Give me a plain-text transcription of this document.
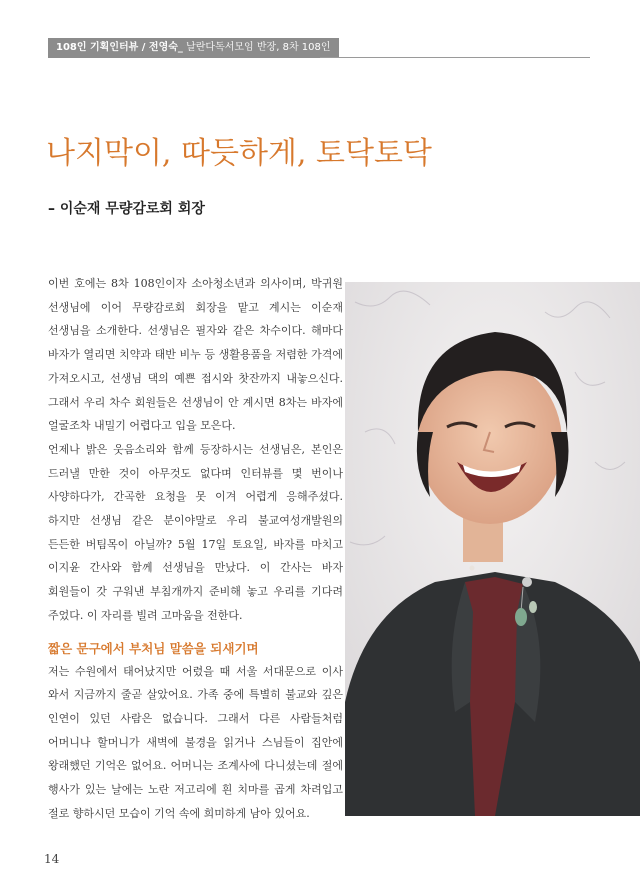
108인 기획인터뷰 / 전영숙_ 날란다독서모임 반장, 8차 108인
나지막이, 따듯하게, 토닥토닥
– 이순재 무량감로회 회장

이번 호에는 8차 108인이자 소아청소년과 의사이며, 박귀원 선생님에 이어 무량감로회 회장을 맡고 계시는 이순재 선생님을 소개한다. 선생님은 필자와 같은 차수이다. 해마다 바자가 열리면 치약과 태반 비누 등 생활용품을 저렴한 가격에 가져오시고, 선생님 댁의 예쁜 접시와 찻잔까지 내놓으신다. 그래서 우리 차수 회원들은 선생님이 안 계시면 8차는 바자에 얼굴조차 내밀기 어렵다고 입을 모은다.

언제나 밝은 웃음소리와 함께 등장하시는 선생님은, 본인은 드러낼 만한 것이 아무것도 없다며 인터뷰를 몇 번이나 사양하다가, 간곡한 요청을 못 이겨 어렵게 응해주셨다. 하지만 선생님 같은 분이야말로 우리 불교여성개발원의 든든한 버팀목이 아닐까? 5월 17일 토요일, 바자를 마치고 이지윤 간사와 함께 선생님을 만났다. 이 간사는 바자 회원들이 갓 구워낸 부침개까지 준비해 놓고 우리를 기다려 주었다. 이 자리를 빌려 고마움을 전한다.

짧은 문구에서 부처님 말씀을 되새기며

저는 수원에서 태어났지만 어렸을 때 서울 서대문으로 이사 와서 지금까지 줄곧 살았어요. 가족 중에 특별히 불교와 깊은 인연이 있던 사람은 없습니다. 그래서 다른 사람들처럼 어머니나 할머니가 새벽에 불경을 읽거나 스님들이 집안에 왕래했던 기억은 없어요. 어머니는 조계사에 다니셨는데 절에 행사가 있는 날에는 노란 저고리에 흰 치마를 곱게 차려입고 절로 향하시던 모습이 기억 속에 희미하게 남아 있어요.

14
